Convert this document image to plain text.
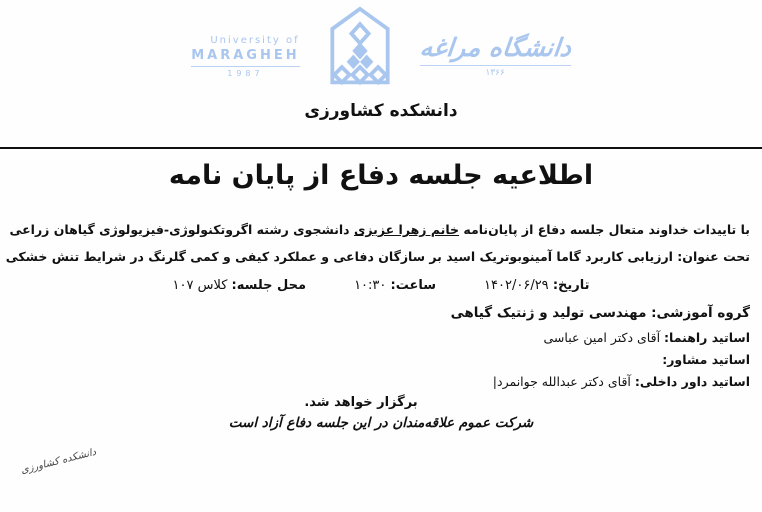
University of
MARAGHEH
1987
دانشگاه مراغه
۱۳۶۶
دانشکده کشاورزی
اطلاعیه جلسه دفاع از پایان نامه
با تاییدات خداوند متعال جلسه دفاع از پایان‌نامه خانم زهرا عزیزی دانشجوی رشته اگروتکنولوژی-فیزیولوژی گیاهان زراعی
تحت عنوان: ارزیابی کاربرد گاما آمینوبوتریک اسید بر سازگان دفاعی و عملکرد کیفی و کمی گلرنگ در شرایط تنش خشکی
تاریخ: ۱۴۰۲/۰۶/۲۹
ساعت: ۱۰:۳۰
محل جلسه: کلاس ۱۰۷
گروه آموزشی: مهندسی تولید و ژنتیک گیاهی
اساتید راهنما: آقای دکتر امین عباسی
اساتید مشاور:
اساتید داور داخلی: آقای دکتر عبدالله جوانمرد|
برگزار خواهد شد.
شرکت عموم علاقه‌مندان در این جلسه دفاع آزاد است
دانشکده کشاورزی
